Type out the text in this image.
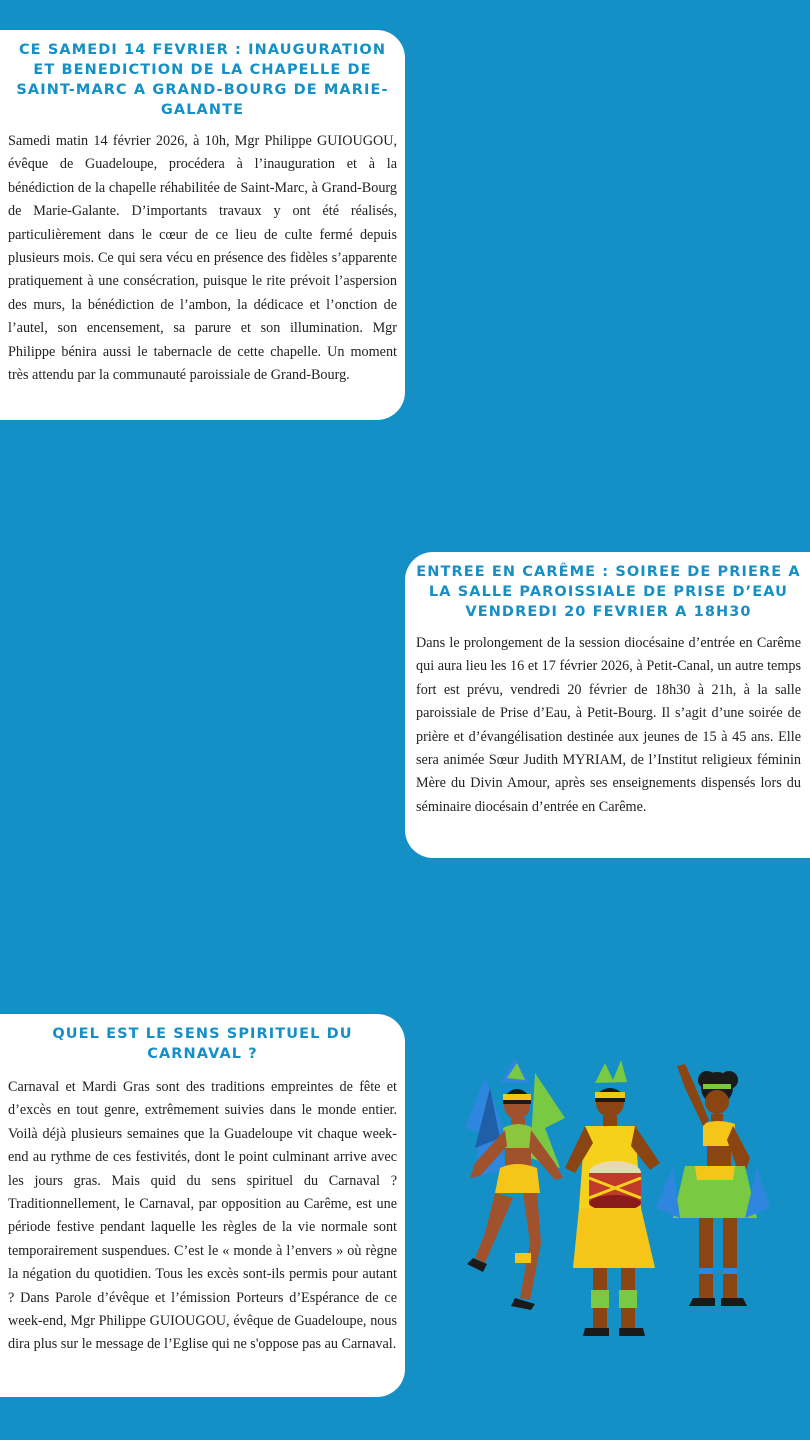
CE SAMEDI 14 FEVRIER : INAUGURATION ET BENEDICTION DE LA CHAPELLE DE SAINT-MARC A GRAND-BOURG DE MARIE-GALANTE

Samedi matin 14 février 2026, à 10h, Mgr Philippe GUIOUGOU, évêque de Guadeloupe, procédera à l’inauguration et à la bénédiction de la chapelle réhabilitée de Saint-Marc, à Grand-Bourg de Marie-Galante. D’importants travaux y ont été réalisés, particulièrement dans le cœur de ce lieu de culte fermé depuis plusieurs mois. Ce qui sera vécu en présence des fidèles s’apparente pratiquement à une consécration, puisque le rite prévoit l’aspersion des murs, la bénédiction de l’ambon, la dédicace et l’onction de l’autel, son encensement, sa parure et son illumination. Mgr Philippe bénira aussi le tabernacle de cette chapelle. Un moment très attendu par la communauté paroissiale de Grand-Bourg.

ENTREE EN CARÊME : SOIREE DE PRIERE A LA SALLE PAROISSIALE DE PRISE D’EAU VENDREDI 20 FEVRIER A 18H30

Dans le prolongement de la session diocésaine d’entrée en Carême qui aura lieu les 16 et 17 février 2026, à Petit-Canal, un autre temps fort est prévu, vendredi 20 février de 18h30 à 21h, à la salle paroissiale de Prise d’Eau, à Petit-Bourg. Il s’agit d’une soirée de prière et d’évangélisation destinée aux jeunes de 15 à 45 ans. Elle sera animée Sœur Judith MYRIAM, de l’Institut religieux féminin Mère du Divin Amour, après ses enseignements dispensés lors du séminaire diocésain d’entrée en Carême.

QUEL EST LE SENS SPIRITUEL DU CARNAVAL ?

Carnaval et Mardi Gras sont des traditions empreintes de fête et d’excès en tout genre, extrêmement suivies dans le monde entier. Voilà déjà plusieurs semaines que la Guadeloupe vit chaque week-end au rythme de ces festivités, dont le point culminant arrive avec les jours gras. Mais quid du sens spirituel du Carnaval ? Traditionnellement, le Carnaval, par opposition au Carême, est une période festive pendant laquelle les règles de la vie normale sont temporairement suspendues. C’est le « monde à l’envers » où règne la négation du quotidien. Tous les excès sont-ils permis pour autant ? Dans Parole d’évêque et l’émission Porteurs d’Espérance de ce week-end, Mgr Philippe GUIOUGOU, évêque de Guadeloupe, nous dira plus sur le message de l’Eglise qui ne s'oppose pas au Carnaval.
